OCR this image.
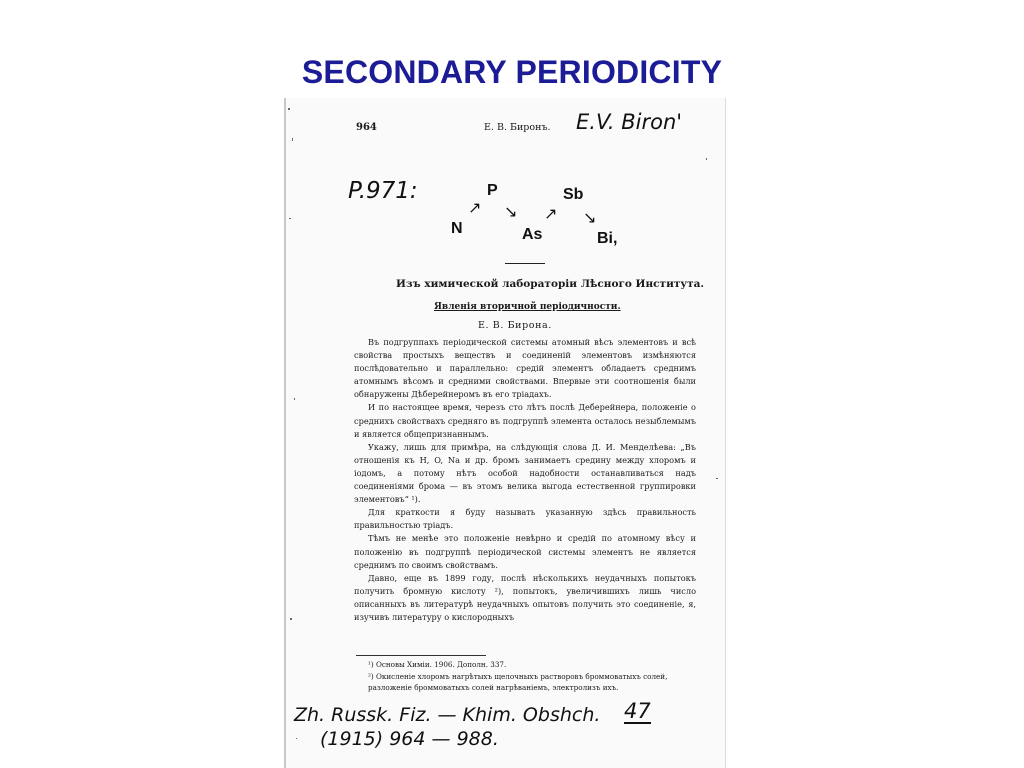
SECONDARY PERIODICITY
964	Е. В. Биронъ. E.V. Biron'
P.971:
N
↗
P
↘
As
↗
Sb
↘
Bi,
Изъ химической лабораторiи Лѣсного Института.
Явленiя вторичной перiодичности.
Е. В. Бирона.

Въ подгруппахъ перiодической системы атомный вѣсъ элементовъ и всѣ свойства простыхъ веществъ и соединенiй элементовъ измѣняются послѣдовательно и параллельно: средiй элементъ обладаетъ среднимъ атомнымъ вѣсомъ и средними свойствами. Впервые эти соотношенiя были обнаружены Дѣберейнеромъ въ его трiадахъ.

И по настоящее время, черезъ сто лѣтъ послѣ Деберейнера, положенiе о среднихъ свойствахъ средняго въ подгруппѣ элемента осталось незыблемымъ и является общепризнаннымъ.

Укажу, лишь для примѣра, на слѣдующiя слова Д. И. Менделѣева: „Въ отношенiя къ H, O, Na и др. бромъ занимаетъ средину между хлоромъ и iодомъ, а потому нѣтъ особой надобности останавливаться надъ соединенiями брома — въ этомъ велика выгода естественной группировки элементовъ“ ¹).

Для краткости я буду называть указанную здѣсь правильность правильностью трiадъ.

Тѣмъ не менѣе это положенiе невѣрно и средiй по атомному вѣсу и положенiю въ подгруппѣ перiодической системы элементъ не является среднимъ по своимъ свойствамъ.

Давно, еще въ 1899 году, послѣ нѣсколькихъ неудачныхъ попытокъ получить бромную кислоту ²), попытокъ, увеличившихъ лишь число описанныхъ въ литературѣ неудачныхъ опытовъ получить это соединенiе, я, изучивъ литературу о кислородныхъ

¹) Основы Химiи. 1906. Дополн. 337.

²) Окисленiе хлоромъ нагрѣтыхъ щелочныхъ растворовъ броммоватыхъ солей, разложенiе броммоватыхъ солей нагрѣванiемъ, электролизъ ихъ.

Zh. Russk. Fiz. — Khim. Obshch. 47
(1915) 964 — 988.
